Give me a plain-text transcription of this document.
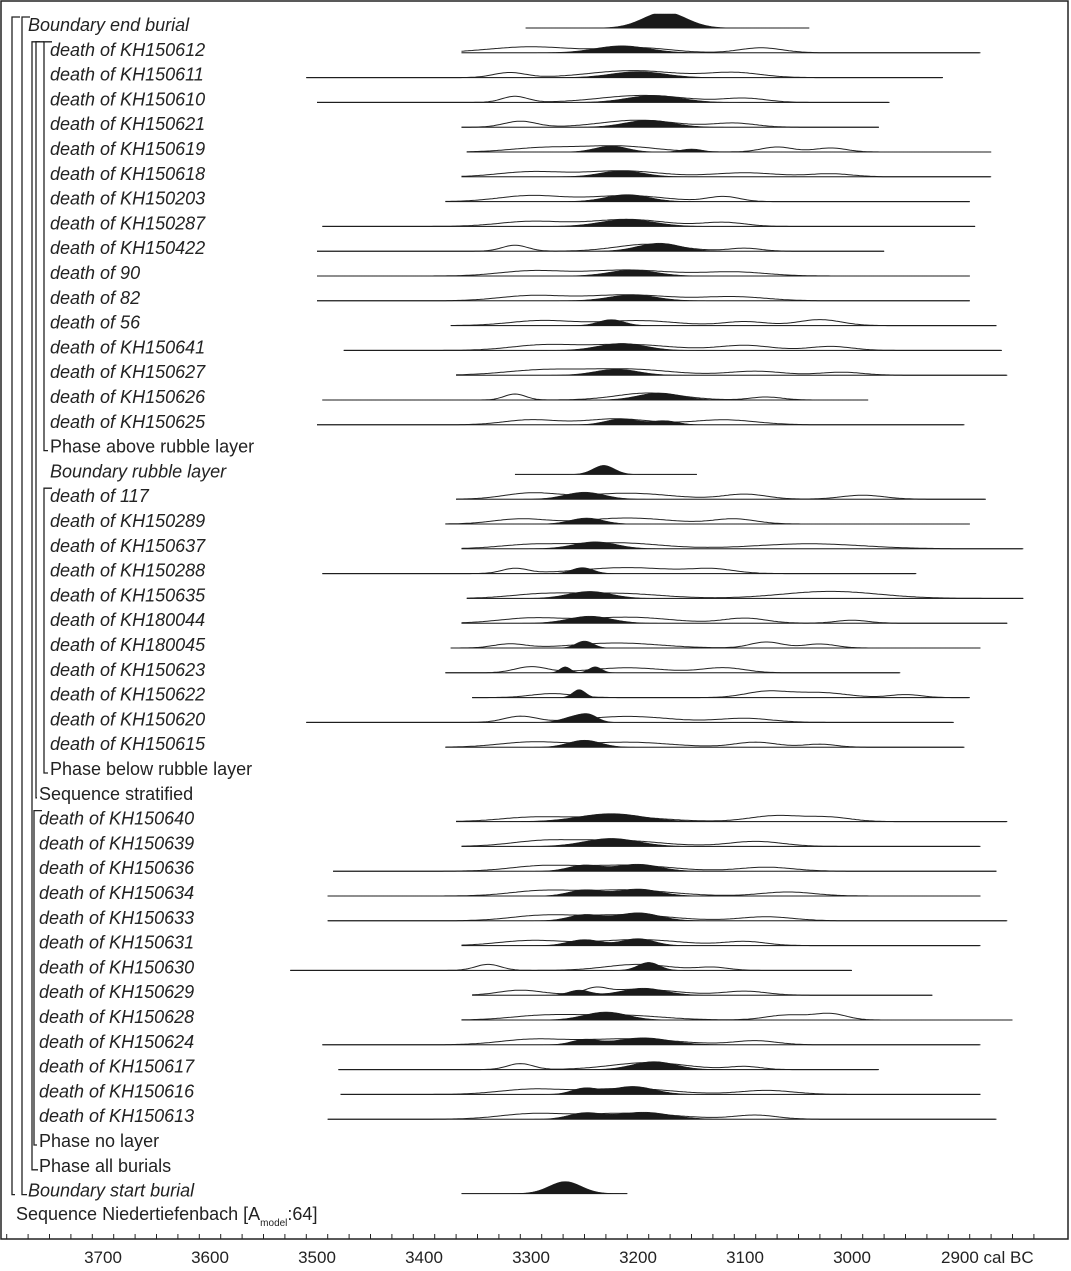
Boundary end burial
death of KH150612
death of KH150611
death of KH150610
death of KH150621
death of KH150619
death of KH150618
death of KH150203
death of KH150287
death of KH150422
death of 90
death of 82
death of 56
death of KH150641
death of KH150627
death of KH150626
death of KH150625
Phase above rubble layer
Boundary rubble layer
death of 117
death of KH150289
death of KH150637
death of KH150288
death of KH150635
death of KH180044
death of KH180045
death of KH150623
death of KH150622
death of KH150620
death of KH150615
Phase below rubble layer
Sequence stratified
death of KH150640
death of KH150639
death of KH150636
death of KH150634
death of KH150633
death of KH150631
death of KH150630
death of KH150629
death of KH150628
death of KH150624
death of KH150617
death of KH150616
death of KH150613
Phase no layer
Phase all burials
Boundary start burial
Sequence Niedertiefenbach $[A_{model}:64]$
3700	3600	3500	3400	3300	3200	3100	3000	2900 cal BC
